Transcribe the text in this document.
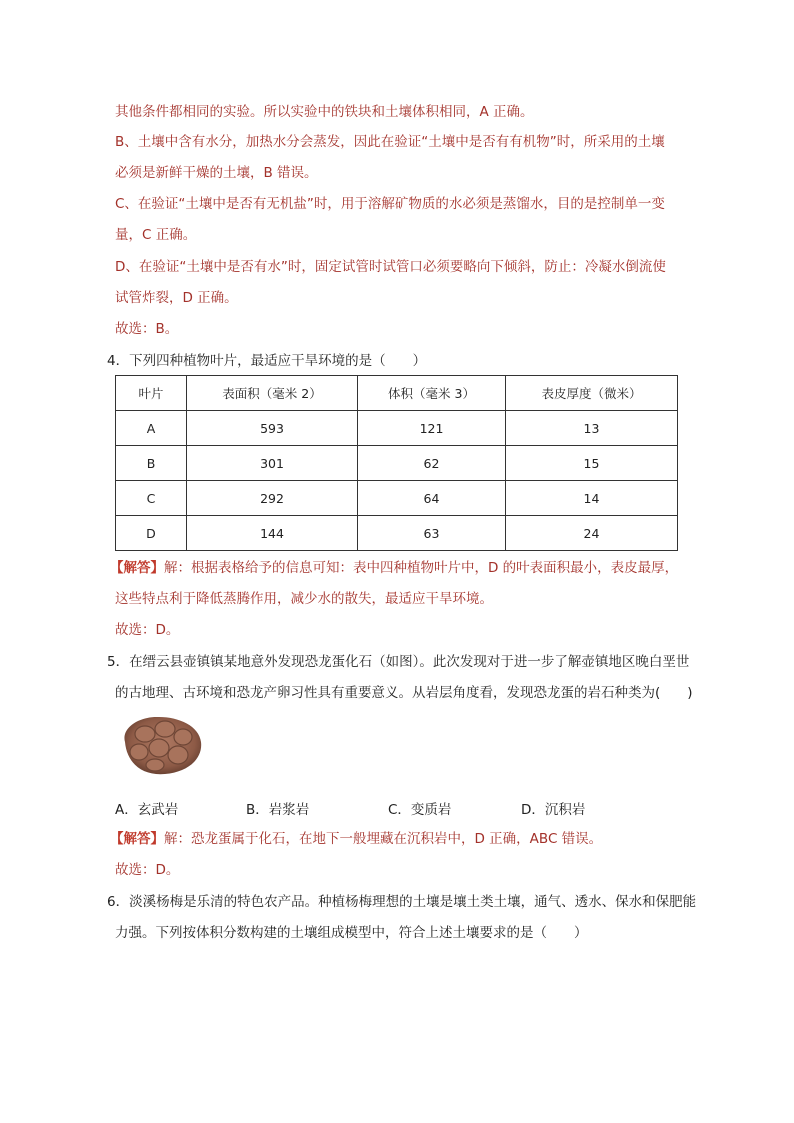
其他条件都相同的实验。所以实验中的铁块和土壤体积相同，A 正确。
B、土壤中含有水分，加热水分会蒸发，因此在验证“土壤中是否有有机物”时，所采用的土壤
必须是新鲜干燥的土壤，B 错误。
C、在验证“土壤中是否有无机盐”时，用于溶解矿物质的水必须是蒸馏水，目的是控制单一变
量，C 正确。
D、在验证“土壤中是否有水”时，固定试管时试管口必须要略向下倾斜，防止：冷凝水倒流使
试管炸裂，D 正确。
故选：B。
4．下列四种植物叶片，最适应干旱环境的是（　　）
叶片	表面积（毫米 2）	体积（毫米 3）	表皮厚度（微米）
A	593	121	13
B	301	62	15
C	292	64	14
D	144	63	24
【解答】解：根据表格给予的信息可知：表中四种植物叶片中，D 的叶表面积最小，表皮最厚，
这些特点利于降低蒸腾作用，减少水的散失，最适应干旱环境。
故选：D。
5．在缙云县壶镇镇某地意外发现恐龙蛋化石（如图）。此次发现对于进一步了解壶镇地区晚白垩世
的古地理、古环境和恐龙产卵习性具有重要意义。从岩层角度看，发现恐龙蛋的岩石种类为(　　)
A．玄武岩	B．岩浆岩	C．变质岩	D．沉积岩
【解答】解：恐龙蛋属于化石，在地下一般埋藏在沉积岩中，D 正确，ABC 错误。
故选：D。
6．淡溪杨梅是乐清的特色农产品。种植杨梅理想的土壤是壤土类土壤，通气、透水、保水和保肥能
力强。下列按体积分数构建的土壤组成模型中，符合上述土壤要求的是（　　）
